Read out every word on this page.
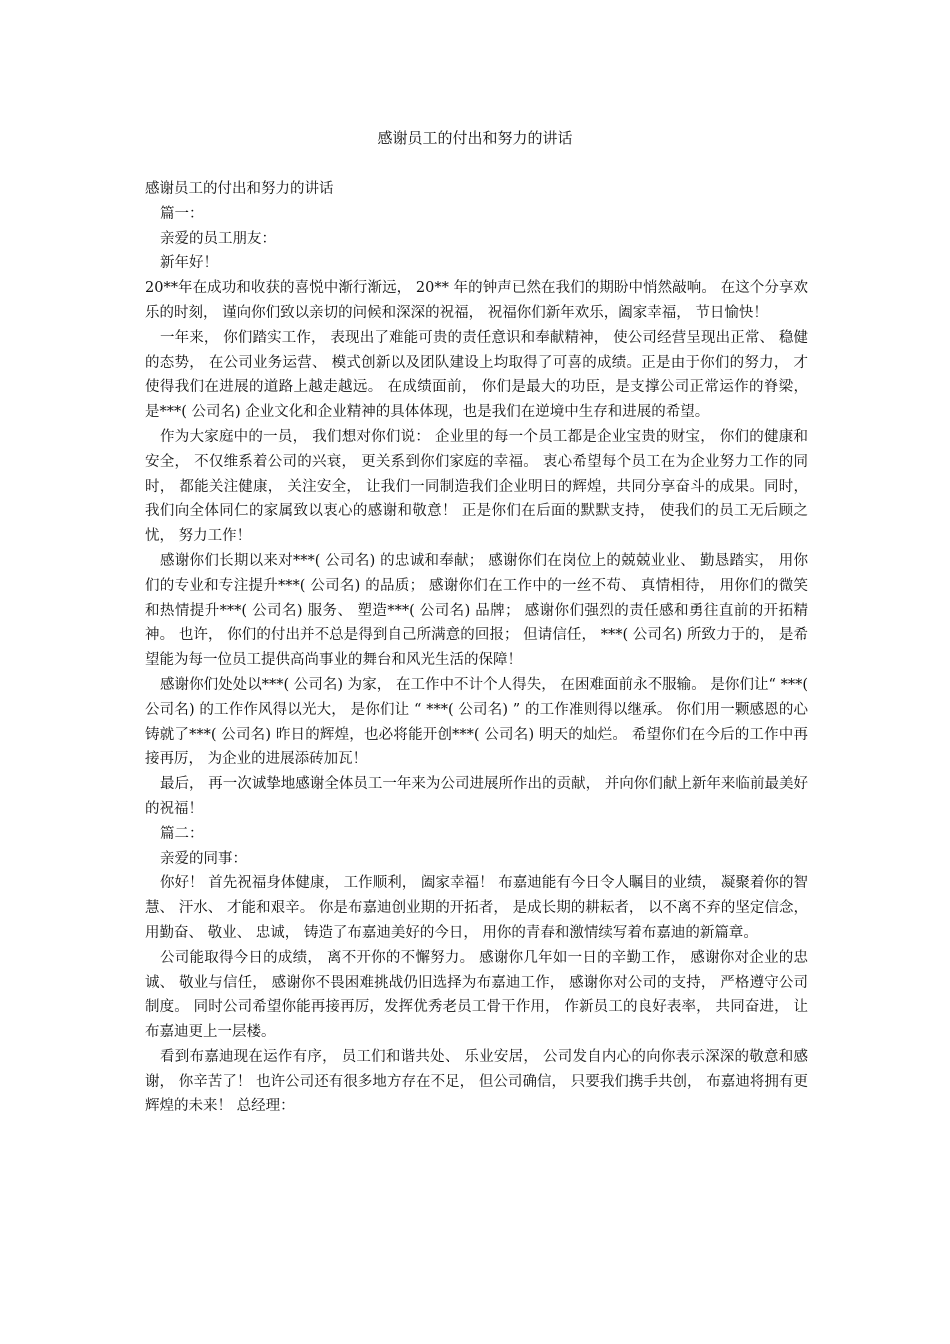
感谢员工的付出和努力的讲话

感谢员工的付出和努力的讲话

篇一：

亲爱的员工朋友：

新年好！

20**年在成功和收获的喜悦中渐行渐远， 20** 年的钟声已然在我们的期盼中悄然敲响。 在这个分享欢乐的时刻， 谨向你们致以亲切的问候和深深的祝福， 祝福你们新年欢乐，阖家幸福， 节日愉快！

一年来， 你们踏实工作， 表现出了难能可贵的责任意识和奉献精神， 使公司经营呈现出正常、 稳健的态势， 在公司业务运营、 模式创新以及团队建设上均取得了可喜的成绩。正是由于你们的努力， 才使得我们在进展的道路上越走越远。 在成绩面前， 你们是最大的功臣，是支撑公司正常运作的脊梁， 是***( 公司名) 企业文化和企业精神的具体体现，也是我们在逆境中生存和进展的希望。

作为大家庭中的一员， 我们想对你们说： 企业里的每一个员工都是企业宝贵的财宝， 你们的健康和安全， 不仅维系着公司的兴衰， 更关系到你们家庭的幸福。 衷心希望每个员工在为企业努力工作的同时， 都能关注健康， 关注安全， 让我们一同制造我们企业明日的辉煌，共同分享奋斗的成果。同时， 我们向全体同仁的家属致以衷心的感谢和敬意！ 正是你们在后面的默默支持， 使我们的员工无后顾之忧， 努力工作！

感谢你们长期以来对***( 公司名) 的忠诚和奉献； 感谢你们在岗位上的兢兢业业、 勤恳踏实， 用你们的专业和专注提升***( 公司名) 的品质； 感谢你们在工作中的一丝不苟、 真情相待， 用你们的微笑和热情提升***( 公司名) 服务、 塑造***( 公司名) 品牌； 感谢你们强烈的责任感和勇往直前的开拓精神。 也许， 你们的付出并不总是得到自己所满意的回报； 但请信任， ***( 公司名) 所致力于的， 是希望能为每一位员工提供高尚事业的舞台和风光生活的保障！

感谢你们处处以***( 公司名) 为家， 在工作中不计个人得失， 在困难面前永不服输。 是你们让“ ***( 公司名) 的工作作风得以光大， 是你们让 “ ***( 公司名) ” 的工作准则得以继承。 你们用一颗感恩的心铸就了***( 公司名) 昨日的辉煌，也必将能开创***( 公司名) 明天的灿烂。 希望你们在今后的工作中再接再厉， 为企业的进展添砖加瓦！

最后， 再一次诚挚地感谢全体员工一年来为公司进展所作出的贡献， 并向你们献上新年来临前最美好的祝福！

篇二：

亲爱的同事：

你好！ 首先祝福身体健康， 工作顺利， 阖家幸福！ 布嘉迪能有今日令人瞩目的业绩， 凝聚着你的智慧、 汗水、 才能和艰辛。 你是布嘉迪创业期的开拓者， 是成长期的耕耘者， 以不离不弃的坚定信念， 用勤奋、 敬业、 忠诚， 铸造了布嘉迪美好的今日， 用你的青春和激情续写着布嘉迪的新篇章。

公司能取得今日的成绩， 离不开你的不懈努力。 感谢你几年如一日的辛勤工作， 感谢你对企业的忠诚、 敬业与信任， 感谢你不畏困难挑战仍旧选择为布嘉迪工作， 感谢你对公司的支持， 严格遵守公司制度。 同时公司希望你能再接再厉，发挥优秀老员工骨干作用， 作新员工的良好表率， 共同奋进， 让布嘉迪更上一层楼。

看到布嘉迪现在运作有序， 员工们和谐共处、 乐业安居， 公司发自内心的向你表示深深的敬意和感谢， 你辛苦了！ 也许公司还有很多地方存在不足， 但公司确信， 只要我们携手共创， 布嘉迪将拥有更辉煌的未来！ 总经理：
